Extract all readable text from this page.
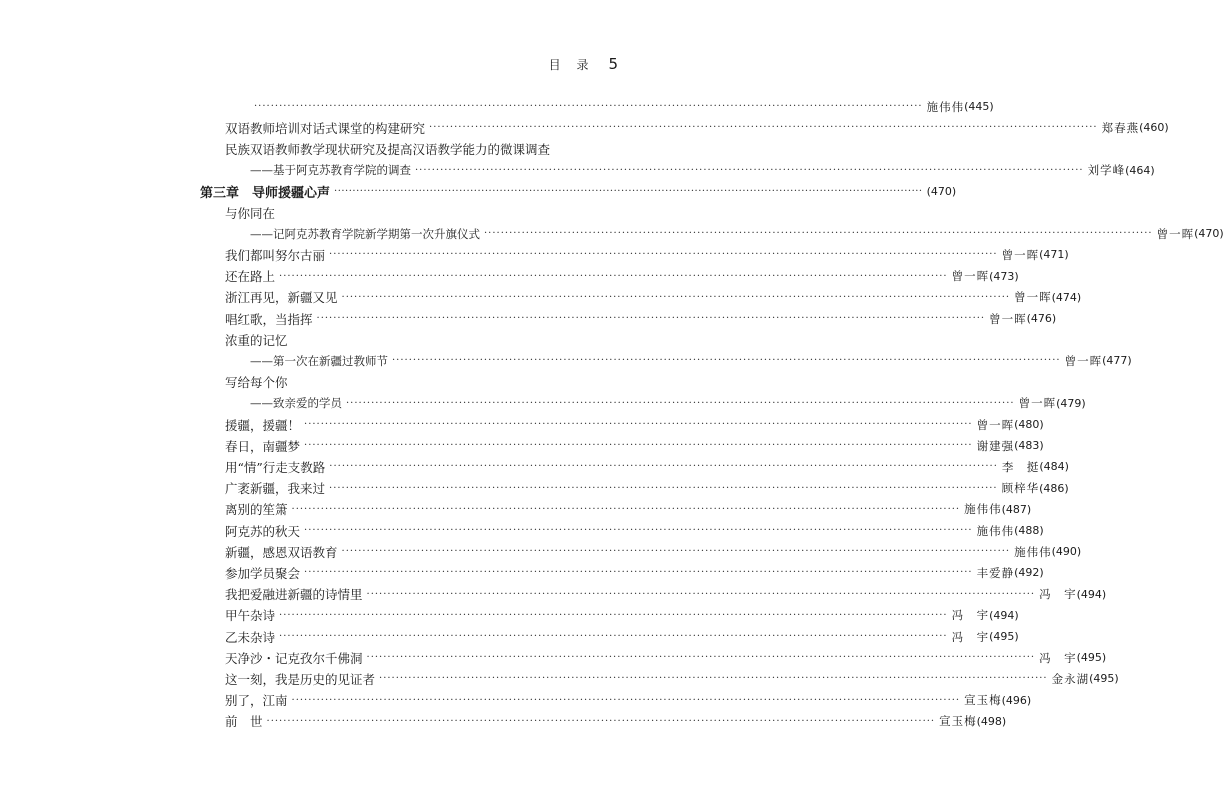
目 录 5
································································································································································ 施伟伟 (445)
双语教师培训对话式课堂的构建研究 ································································································································································ 郑春燕 (460)
民族双语教师教学现状研究及提高汉语教学能力的微课调查
——基于阿克苏教育学院的调查 ································································································································································ 刘学峰 (464)
第三章　导师援疆心声 ································································································································································ (470)
与你同在
——记阿克苏教育学院新学期第一次升旗仪式 ································································································································································ 曾一晖 (470)
我们都叫努尔古丽 ································································································································································ 曾一晖 (471)
还在路上 ································································································································································ 曾一晖 (473)
浙江再见，新疆又见 ································································································································································ 曾一晖 (474)
唱红歌，当指挥 ································································································································································ 曾一晖 (476)
浓重的记忆
——第一次在新疆过教师节 ································································································································································ 曾一晖 (477)
写给每个你
——致亲爱的学员 ································································································································································ 曾一晖 (479)
援疆，援疆！ ································································································································································ 曾一晖 (480)
春日，南疆梦 ································································································································································ 谢建强 (483)
用“情”行走支教路 ································································································································································ 李　挺 (484)
广袤新疆，我来过 ································································································································································ 顾梓华 (486)
离别的笙箫 ································································································································································ 施伟伟 (487)
阿克苏的秋天 ································································································································································ 施伟伟 (488)
新疆，感恩双语教育 ································································································································································ 施伟伟 (490)
参加学员聚会 ································································································································································ 丰爱静 (492)
我把爱融进新疆的诗情里 ································································································································································ 冯　宇 (494)
甲午杂诗 ································································································································································ 冯　宇 (494)
乙未杂诗 ································································································································································ 冯　宇 (495)
天净沙・记克孜尔千佛洞 ································································································································································ 冯　宇 (495)
这一刻，我是历史的见证者 ································································································································································ 金永湖 (495)
别了，江南 ································································································································································ 宣玉梅 (496)
前　世 ································································································································································ 宣玉梅 (498)
